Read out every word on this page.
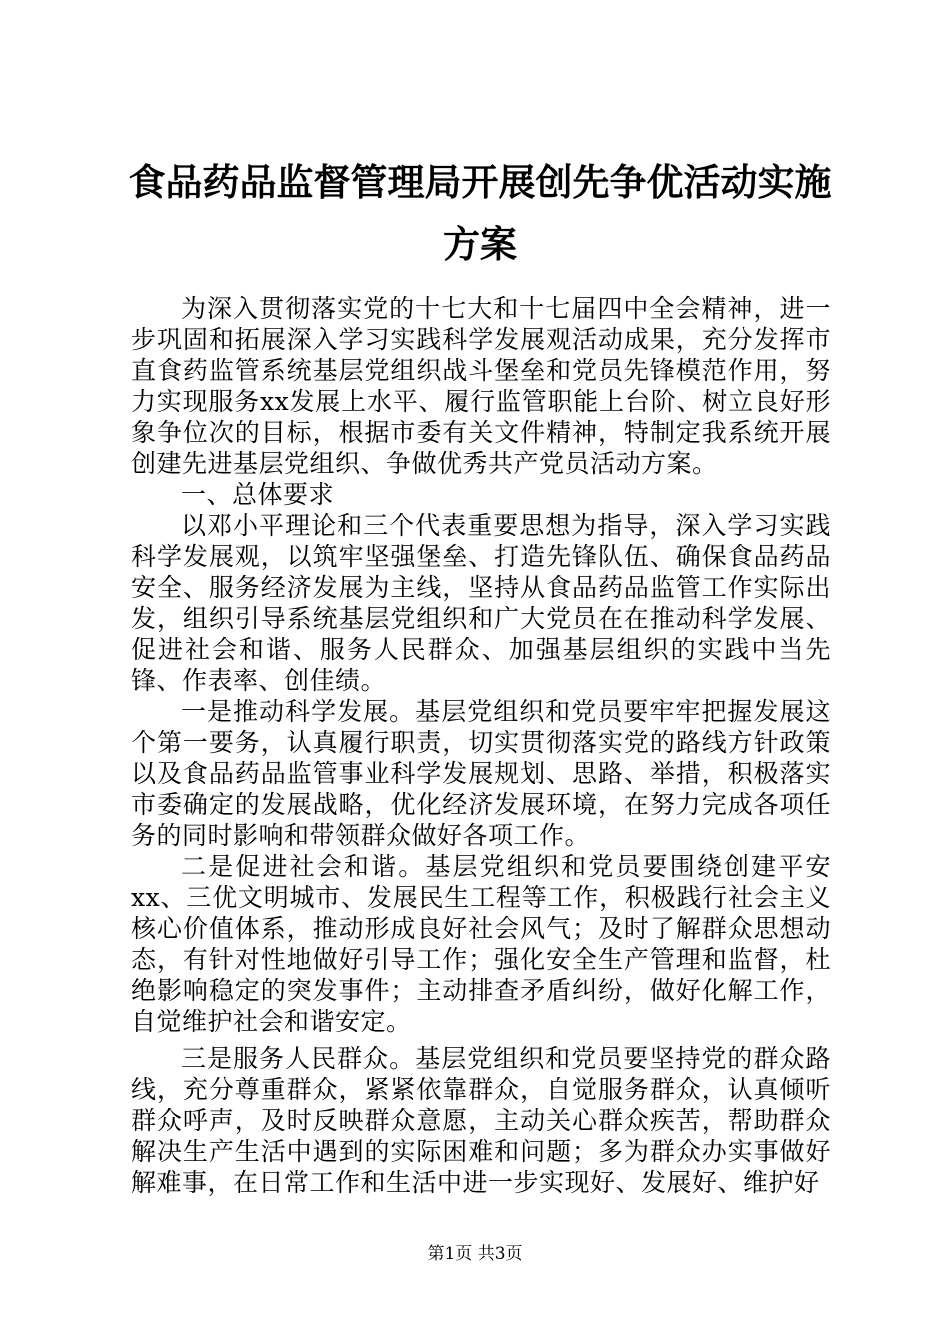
食品药品监督管理局开展创先争优活动实施方案

为深入贯彻落实党的十七大和十七届四中全会精神，进一步巩固和拓展深入学习实践科学发展观活动成果，充分发挥市直食药监管系统基层党组织战斗堡垒和党员先锋模范作用，努力实现服务xx发展上水平、履行监管职能上台阶、树立良好形象争位次的目标，根据市委有关文件精神，特制定我系统开展创建先进基层党组织、争做优秀共产党员活动方案。

一、总体要求

以邓小平理论和三个代表重要思想为指导，深入学习实践科学发展观，以筑牢坚强堡垒、打造先锋队伍、确保食品药品安全、服务经济发展为主线，坚持从食品药品监管工作实际出发，组织引导系统基层党组织和广大党员在在推动科学发展、促进社会和谐、服务人民群众、加强基层组织的实践中当先锋、作表率、创佳绩。

一是推动科学发展。基层党组织和党员要牢牢把握发展这个第一要务，认真履行职责，切实贯彻落实党的路线方针政策以及食品药品监管事业科学发展规划、思路、举措，积极落实市委确定的发展战略，优化经济发展环境，在努力完成各项任务的同时影响和带领群众做好各项工作。

二是促进社会和谐。基层党组织和党员要围绕创建平安xx、三优文明城市、发展民生工程等工作，积极践行社会主义核心价值体系，推动形成良好社会风气；及时了解群众思想动态，有针对性地做好引导工作；强化安全生产管理和监督，杜绝影响稳定的突发事件；主动排查矛盾纠纷，做好化解工作，自觉维护社会和谐安定。

三是服务人民群众。基层党组织和党员要坚持党的群众路线，充分尊重群众，紧紧依靠群众，自觉服务群众，认真倾听群众呼声，及时反映群众意愿，主动关心群众疾苦，帮助群众解决生产生活中遇到的实际困难和问题；多为群众办实事做好解难事，在日常工作和生活中进一步实现好、发展好、维护好

第1页 共3页
